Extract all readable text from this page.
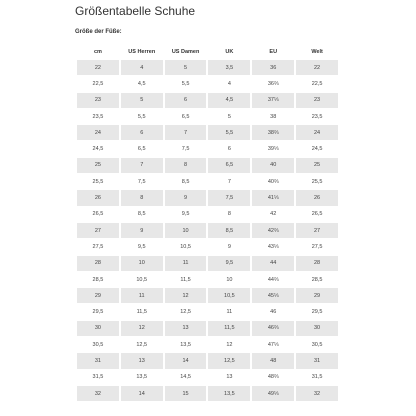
Größentabelle Schuhe
Größe der Füße:
cm	US Herren	US Damen	UK	EU	Welt
22	4	5	3,5	36	22
22,5	4,5	5,5	4	36⅔	22,5
23	5	6	4,5	37⅓	23
23,5	5,5	6,5	5	38	23,5
24	6	7	5,5	38⅔	24
24,5	6,5	7,5	6	39⅓	24,5
25	7	8	6,5	40	25
25,5	7,5	8,5	7	40⅔	25,5
26	8	9	7,5	41⅓	26
26,5	8,5	9,5	8	42	26,5
27	9	10	8,5	42⅔	27
27,5	9,5	10,5	9	43⅓	27,5
28	10	11	9,5	44	28
28,5	10,5	11,5	10	44⅔	28,5
29	11	12	10,5	45⅓	29
29,5	11,5	12,5	11	46	29,5
30	12	13	11,5	46⅔	30
30,5	12,5	13,5	12	47⅓	30,5
31	13	14	12,5	48	31
31,5	13,5	14,5	13	48⅔	31,5
32	14	15	13,5	49⅓	32
